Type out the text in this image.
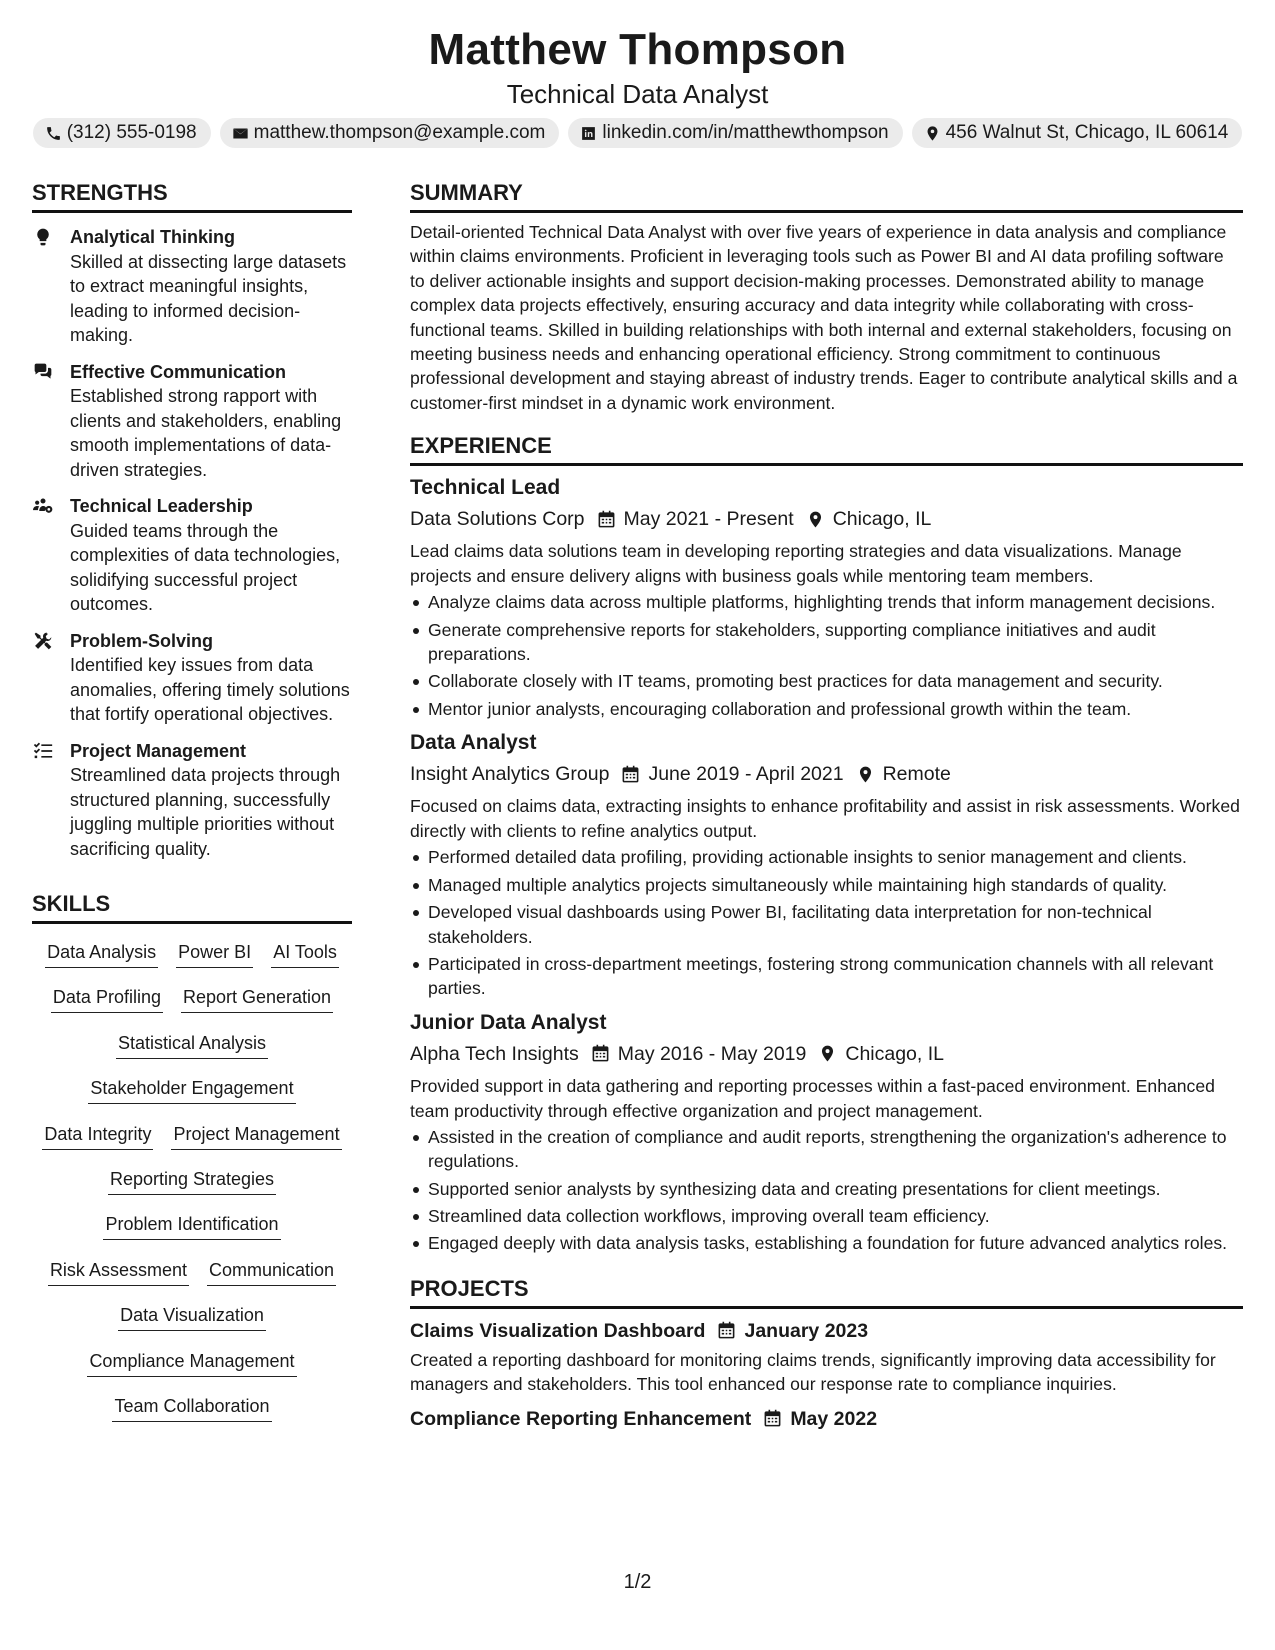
Matthew Thompson
Technical Data Analyst
(312) 555-0198	matthew.thompson@example.com	linkedin.com/in/matthewthompson	456 Walnut St, Chicago, IL 60614
STRENGTHS
Analytical Thinking
Skilled at dissecting large datasets to extract meaningful insights, leading to informed decision-making.
Effective Communication
Established strong rapport with clients and stakeholders, enabling smooth implementations of data-driven strategies.
Technical Leadership
Guided teams through the complexities of data technologies, solidifying successful project outcomes.
Problem-Solving
Identified key issues from data anomalies, offering timely solutions that fortify operational objectives.
Project Management
Streamlined data projects through structured planning, successfully juggling multiple priorities without sacrificing quality.
SKILLS
Data Analysis Power BI AI Tools
Data Profiling Report Generation
Statistical Analysis
Stakeholder Engagement
Data Integrity Project Management
Reporting Strategies
Problem Identification
Risk Assessment Communication
Data Visualization
Compliance Management
Team Collaboration
SUMMARY
Detail-oriented Technical Data Analyst with over five years of experience in data analysis and compliance within claims environments. Proficient in leveraging tools such as Power BI and AI data profiling software to deliver actionable insights and support decision-making processes. Demonstrated ability to manage complex data projects effectively, ensuring accuracy and data integrity while collaborating with cross-functional teams. Skilled in building relationships with both internal and external stakeholders, focusing on meeting business needs and enhancing operational efficiency. Strong commitment to continuous professional development and staying abreast of industry trends. Eager to contribute analytical skills and a customer-first mindset in a dynamic work environment.
EXPERIENCE
Technical Lead
Data Solutions Corp May 2021 - Present Chicago, IL
Lead claims data solutions team in developing reporting strategies and data visualizations. Manage projects and ensure delivery aligns with business goals while mentoring team members.
Analyze claims data across multiple platforms, highlighting trends that inform management decisions.
Generate comprehensive reports for stakeholders, supporting compliance initiatives and audit preparations.
Collaborate closely with IT teams, promoting best practices for data management and security.
Mentor junior analysts, encouraging collaboration and professional growth within the team.
Data Analyst
Insight Analytics Group June 2019 - April 2021 Remote
Focused on claims data, extracting insights to enhance profitability and assist in risk assessments. Worked directly with clients to refine analytics output.
Performed detailed data profiling, providing actionable insights to senior management and clients.
Managed multiple analytics projects simultaneously while maintaining high standards of quality.
Developed visual dashboards using Power BI, facilitating data interpretation for non-technical stakeholders.
Participated in cross-department meetings, fostering strong communication channels with all relevant parties.
Junior Data Analyst
Alpha Tech Insights May 2016 - May 2019 Chicago, IL
Provided support in data gathering and reporting processes within a fast-paced environment. Enhanced team productivity through effective organization and project management.
Assisted in the creation of compliance and audit reports, strengthening the organization's adherence to regulations.
Supported senior analysts by synthesizing data and creating presentations for client meetings.
Streamlined data collection workflows, improving overall team efficiency.
Engaged deeply with data analysis tasks, establishing a foundation for future advanced analytics roles.
PROJECTS
Claims Visualization Dashboard January 2023
Created a reporting dashboard for monitoring claims trends, significantly improving data accessibility for managers and stakeholders. This tool enhanced our response rate to compliance inquiries.
Compliance Reporting Enhancement May 2022
1/2
